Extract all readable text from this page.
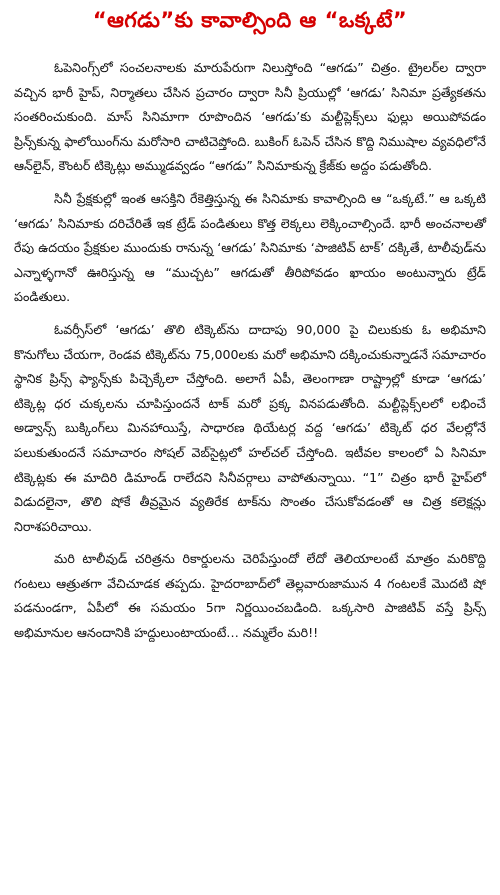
“ఆగడు”కు కావాల్సింది ఆ “ఒక్కటే”

ఓపెనింగ్స్‌లో సంచలనాలకు మారుపేరుగా నిలుస్తోంది “ఆగడు” చిత్రం. ట్రైలర్‌ల ద్వారా వచ్చిన భారీ హైప్, నిర్మాతలు చేసిన ప్రచారం ద్వారా సినీ ప్రియుల్లో ‘ఆగడు’ సినిమా ప్రత్యేకతను సంతరించుకుంది. మాస్ సినిమాగా రూపొందిన ‘ఆగడు’కు మల్టీప్లెక్స్‌లు ఫుల్లు అయిపోవడం ప్రిన్స్‌కున్న ఫాలోయింగ్‌ను మరోసారి చాటిచెప్తోంది. బుకింగ్ ఓపెన్ చేసిన కొద్ది నిముషాల వ్యవధిలోనే ఆన్‌లైన్, కౌంటర్ టిక్కెట్లు అమ్ముడవ్వడం “ఆగడు” సినిమాకున్న క్రేజ్‌కు అద్దం పడుతోంది.

సినీ ప్రేక్షకుల్లో ఇంత ఆసక్తిని రేకెత్తిస్తున్న ఈ సినిమాకు కావాల్సింది ఆ “ఒక్కటే.” ఆ ఒక్కటి ‘ఆగడు’ సినిమాకు దరిచేరితే ఇక ట్రేడ్ పండితులు కొత్త లెక్కలు లెక్కించాల్సిందే. భారీ అంచనాలతో రేపు ఉదయం ప్రేక్షకుల ముందుకు రానున్న ‘ఆగడు’ సినిమాకు ‘పాజిటివ్ టాక్’ దక్కితే, టాలీవుడ్‌ను ఎన్నాళ్ళగానో ఊరిస్తున్న ఆ “ముచ్చట” ఆగడుతో తీరిపోవడం ఖాయం అంటున్నారు ట్రేడ్ పండితులు.

ఓవర్సీస్‌లో ‘ఆగడు’ తొలి టిక్కెట్‌ను దాదాపు 90,000 పై చిలుకుకు ఓ అభిమాని కొనుగోలు చేయగా, రెండవ టిక్కెట్‌ను 75,000లకు మరో అభిమాని దక్కించుకున్నాడనే సమాచారం స్థానిక ప్రిన్స్ ఫ్యాన్స్‌కు పిచ్చెక్కేలా చేస్తోంది. అలాగే ఏపీ, తెలంగాణా రాష్ట్రాల్లో కూడా ‘ఆగడు’ టిక్కెట్ల ధర చుక్కలను చూపిస్తుందనే టాక్ మరో ప్రక్క వినపడుతోంది. మల్టీప్లెక్స్‌లలో లభించే అడ్వాన్స్ బుక్కింగ్‌లు మినహాయిస్తే, సాధారణ థియేటర్ల వద్ద ‘ఆగడు’ టిక్కెట్ ధర వేలల్లోనే పలుకుతుందనే సమాచారం సోషల్ వెబ్‌సైట్లలో హల్‌చల్ చేస్తోంది. ఇటీవల కాలంలో ఏ సినిమా టిక్కెట్లకు ఈ మాదిరి డిమాండ్ రాలేదని సినీవర్గాలు వాపోతున్నాయి. “1” చిత్రం భారీ హైప్‌లో విడుదలైనా, తొలి షోకే తీవ్రమైన వ్యతిరేక టాక్‌ను సొంతం చేసుకోవడంతో ఆ చిత్ర కలెక్షన్లు నిరాశపరిచాయి.

మరి టాలీవుడ్ చరిత్రను రికార్డులను చెరిపేస్తుందో లేదో తెలియాలంటే మాత్రం మరికొద్ది గంటలు ఆత్రుతగా వేచిచూడక తప్పదు. హైదరాబాద్‌లో తెల్లవారుజామున 4 గంటలకే మొదటి షో పడనుండగా, ఏపీలో ఈ సమయం 5గా నిర్ణయించబడింది. ఒక్కసారి పాజిటివ్ వస్తే ప్రిన్స్ అభిమానుల ఆనందానికి హద్దులుంటాయంటే… నమ్మలేం మరి!!
